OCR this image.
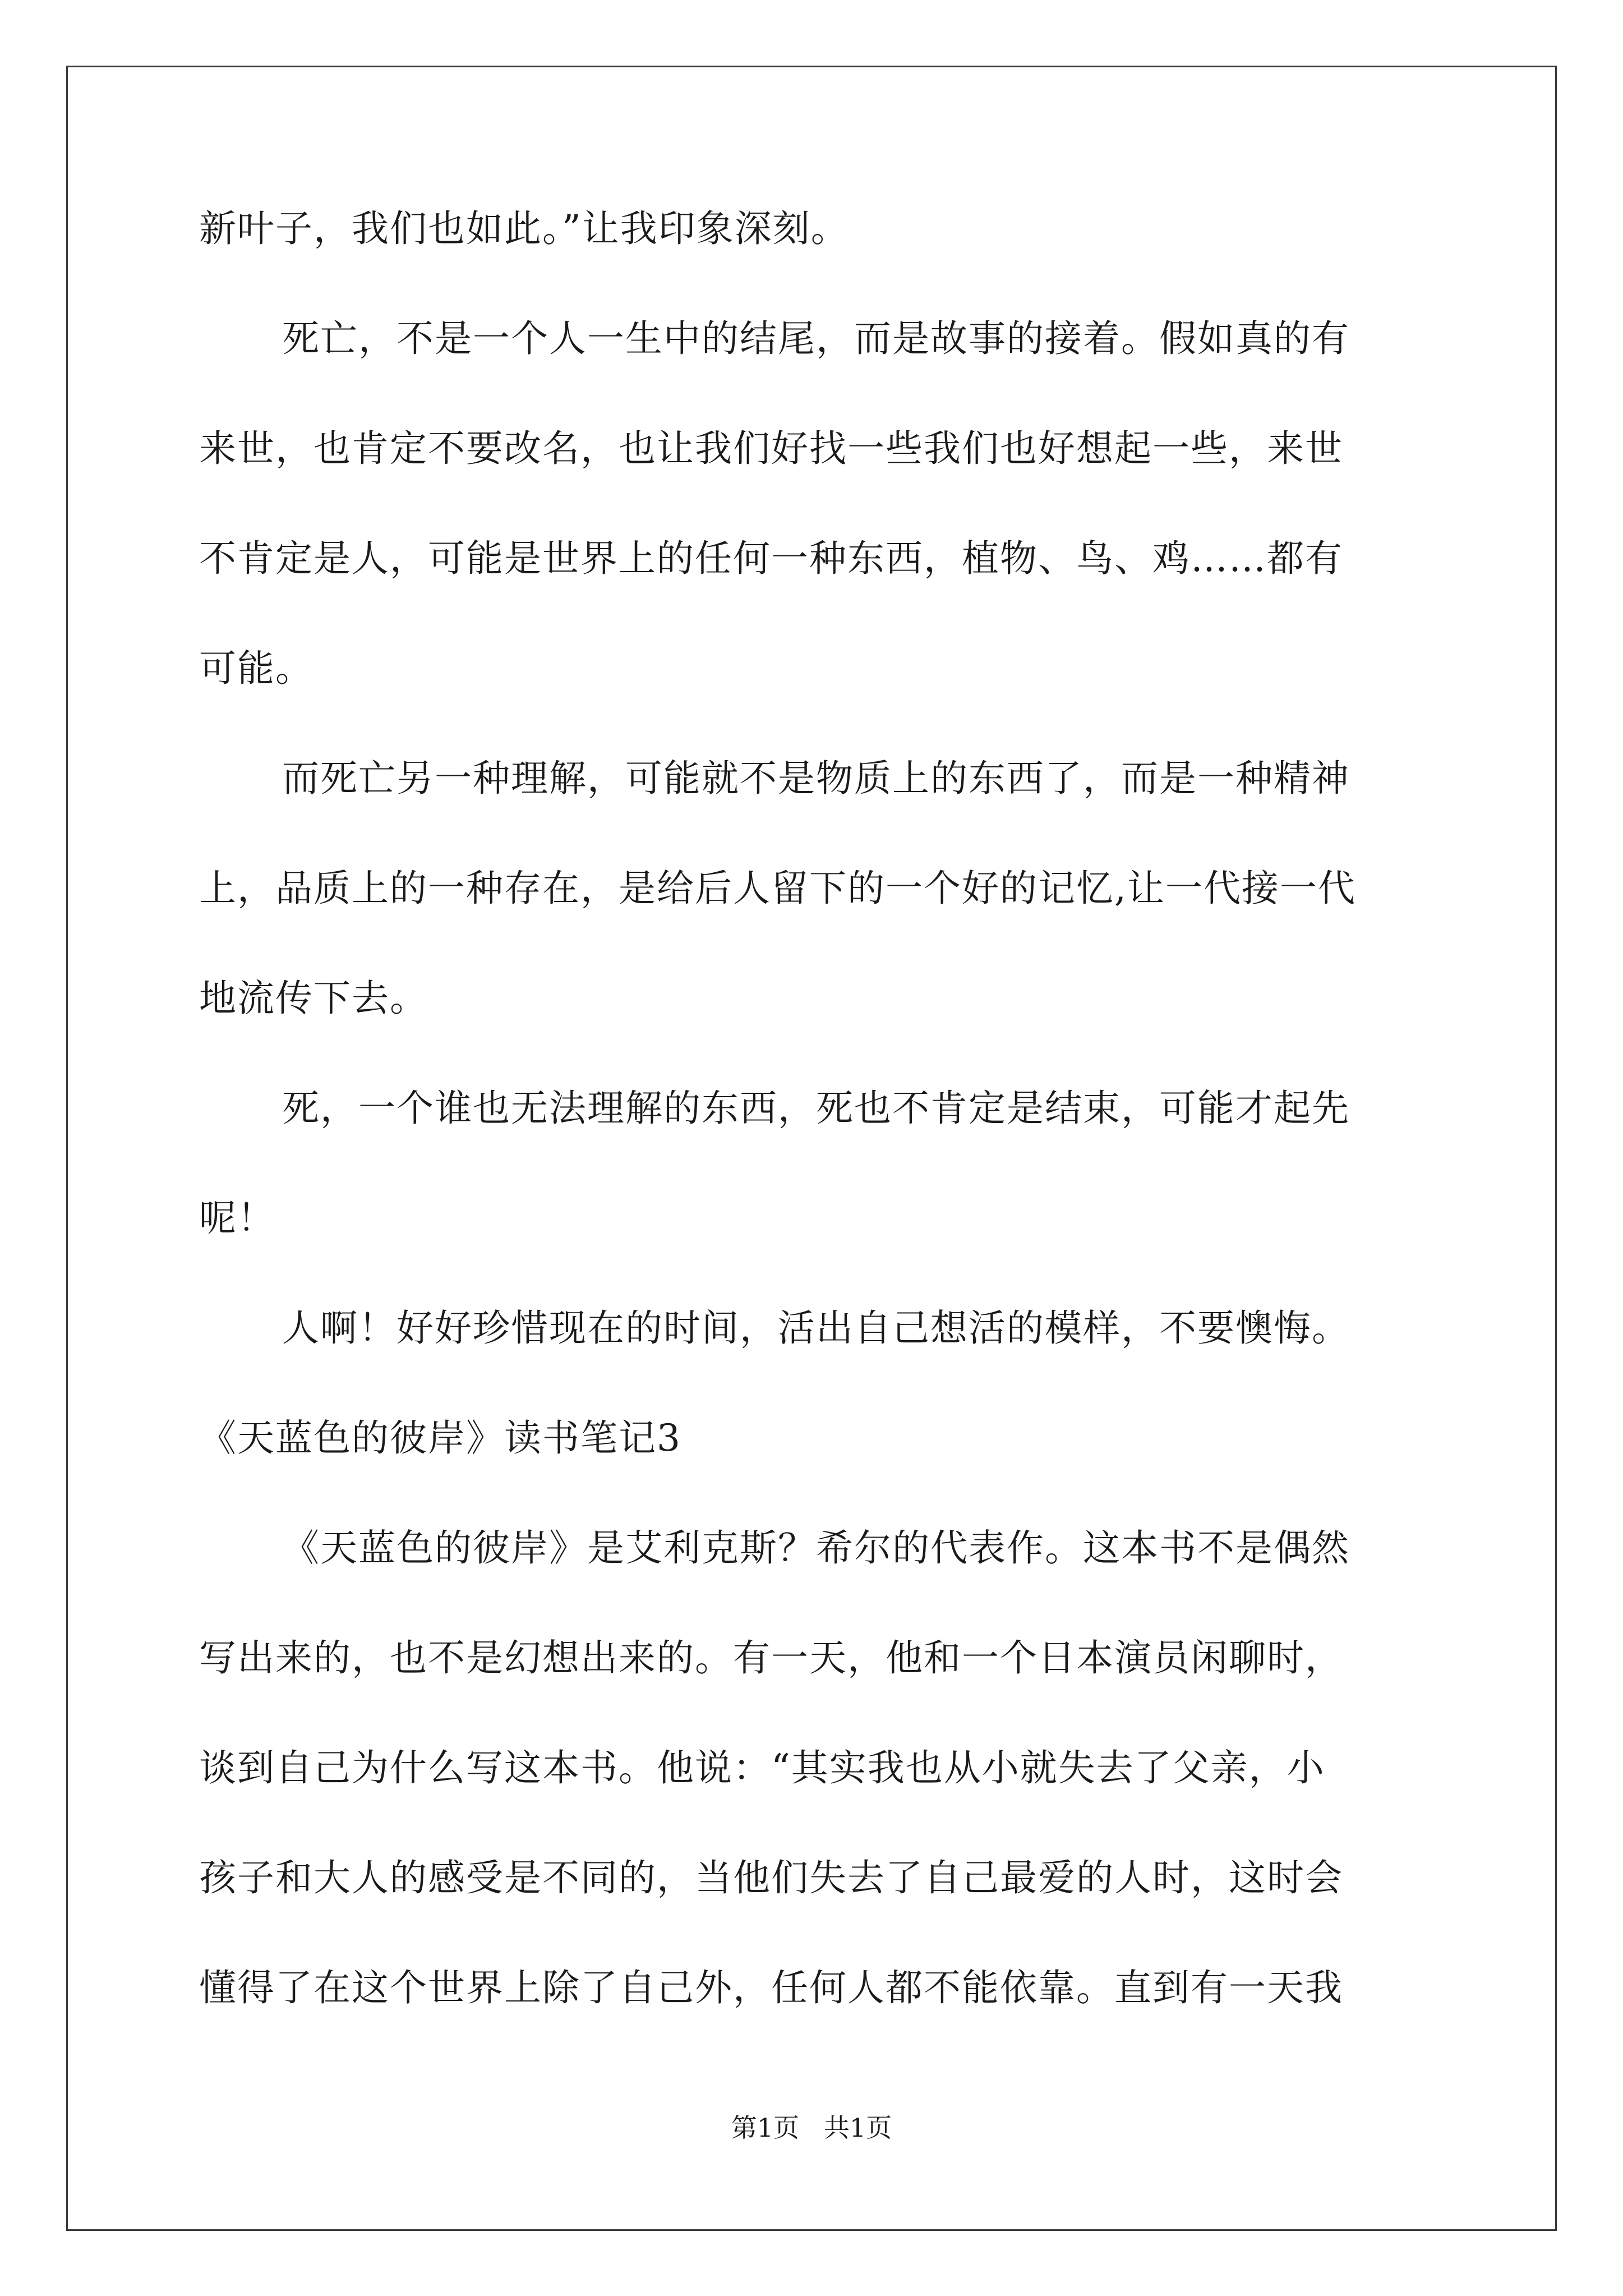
新叶子，我们也如此。”让我印象深刻。
死亡，不是一个人一生中的结尾，而是故事的接着。假如真的有
来世，也肯定不要改名，也让我们好找一些我们也好想起一些，来世
不肯定是人，可能是世界上的任何一种东西，植物、鸟、鸡……都有
可能。
而死亡另一种理解，可能就不是物质上的东西了，而是一种精神
上，品质上的一种存在，是给后人留下的一个好的记忆,让一代接一代
地流传下去。
死，一个谁也无法理解的东西，死也不肯定是结束，可能才起先
呢！
人啊！好好珍惜现在的时间，活出自己想活的模样，不要懊悔。
《天蓝色的彼岸》读书笔记3
《天蓝色的彼岸》是艾利克斯？希尔的代表作。这本书不是偶然
写出来的，也不是幻想出来的。有一天，他和一个日本演员闲聊时，
谈到自己为什么写这本书。他说：“其实我也从小就失去了父亲，小
孩子和大人的感受是不同的，当他们失去了自己最爱的人时，这时会
懂得了在这个世界上除了自己外，任何人都不能依靠。直到有一天我
第1页   共1页
